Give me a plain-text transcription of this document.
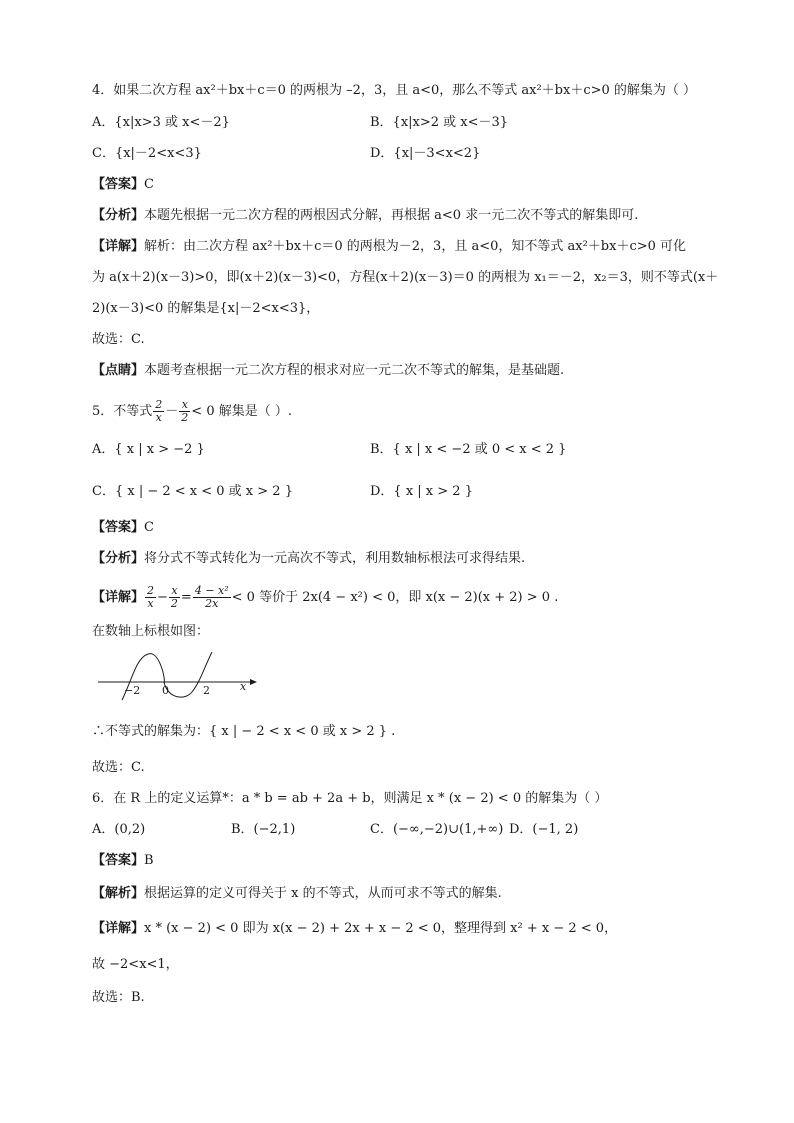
4．如果二次方程 ax²＋bx＋c＝0 的两根为 –2，3，且 a<0，那么不等式 ax²＋bx＋c>0 的解集为（ ）
A．{x|x>3 或 x<－2}	B．{x|x>2 或 x<－3}
C．{x|－2<x<3}	D．{x|－3<x<2}
【答案】C
【分析】本题先根据一元二次方程的两根因式分解，再根据 a<0 求一元二次不等式的解集即可.
【详解】解析：由二次方程 ax²＋bx＋c＝0 的两根为－2，3，且 a<0，知不等式 ax²＋bx＋c>0 可化
为 a(x＋2)(x－3)>0，即(x＋2)(x－3)<0，方程(x＋2)(x－3)＝0 的两根为 x₁＝－2，x₂＝3，则不等式(x＋
2)(x－3)<0 的解集是{x|－2<x<3}，
故选：C.
【点睛】本题考查根据一元二次方程的根求对应一元二次不等式的解集，是基础题.
5．不等式 $\frac{2}{x} - \frac{x}{2} < 0$ 解集是（ ）.
A．{ x | x > −2 }	B．{ x | x < −2 或 0 < x < 2 }
C．{ x | − 2 < x < 0 或 x > 2 }	D．{ x | x > 2 }
【答案】C
【分析】将分式不等式转化为一元高次不等式，利用数轴标根法可求得结果.
【详解】 $\frac{2}{x} - \frac{x}{2} = \frac{\text{4 − x²}}{2x} < 0$ 等价于 2x(4 − x²) < 0，即 x(x − 2)(x + 2) > 0 .
在数轴上标根如图：
−2 0	2	x
∴不等式的解集为：{ x | − 2 < x < 0 或 x > 2 } .
故选：C.
6．在 R 上的定义运算*：a * b = ab + 2a + b，则满足 x * (x − 2) < 0 的解集为（ ）
A．(0,2)	B．(−2,1)	C．(−∞,−2)∪(1,+∞) D．(−1, 2)
【答案】B
【解析】根据运算的定义可得关于 x 的不等式，从而可求不等式的解集.
【详解】x * (x − 2) < 0 即为 x(x − 2) + 2x + x − 2 < 0，整理得到 x² + x − 2 < 0，
故 −2<x<1，
故选：B.
